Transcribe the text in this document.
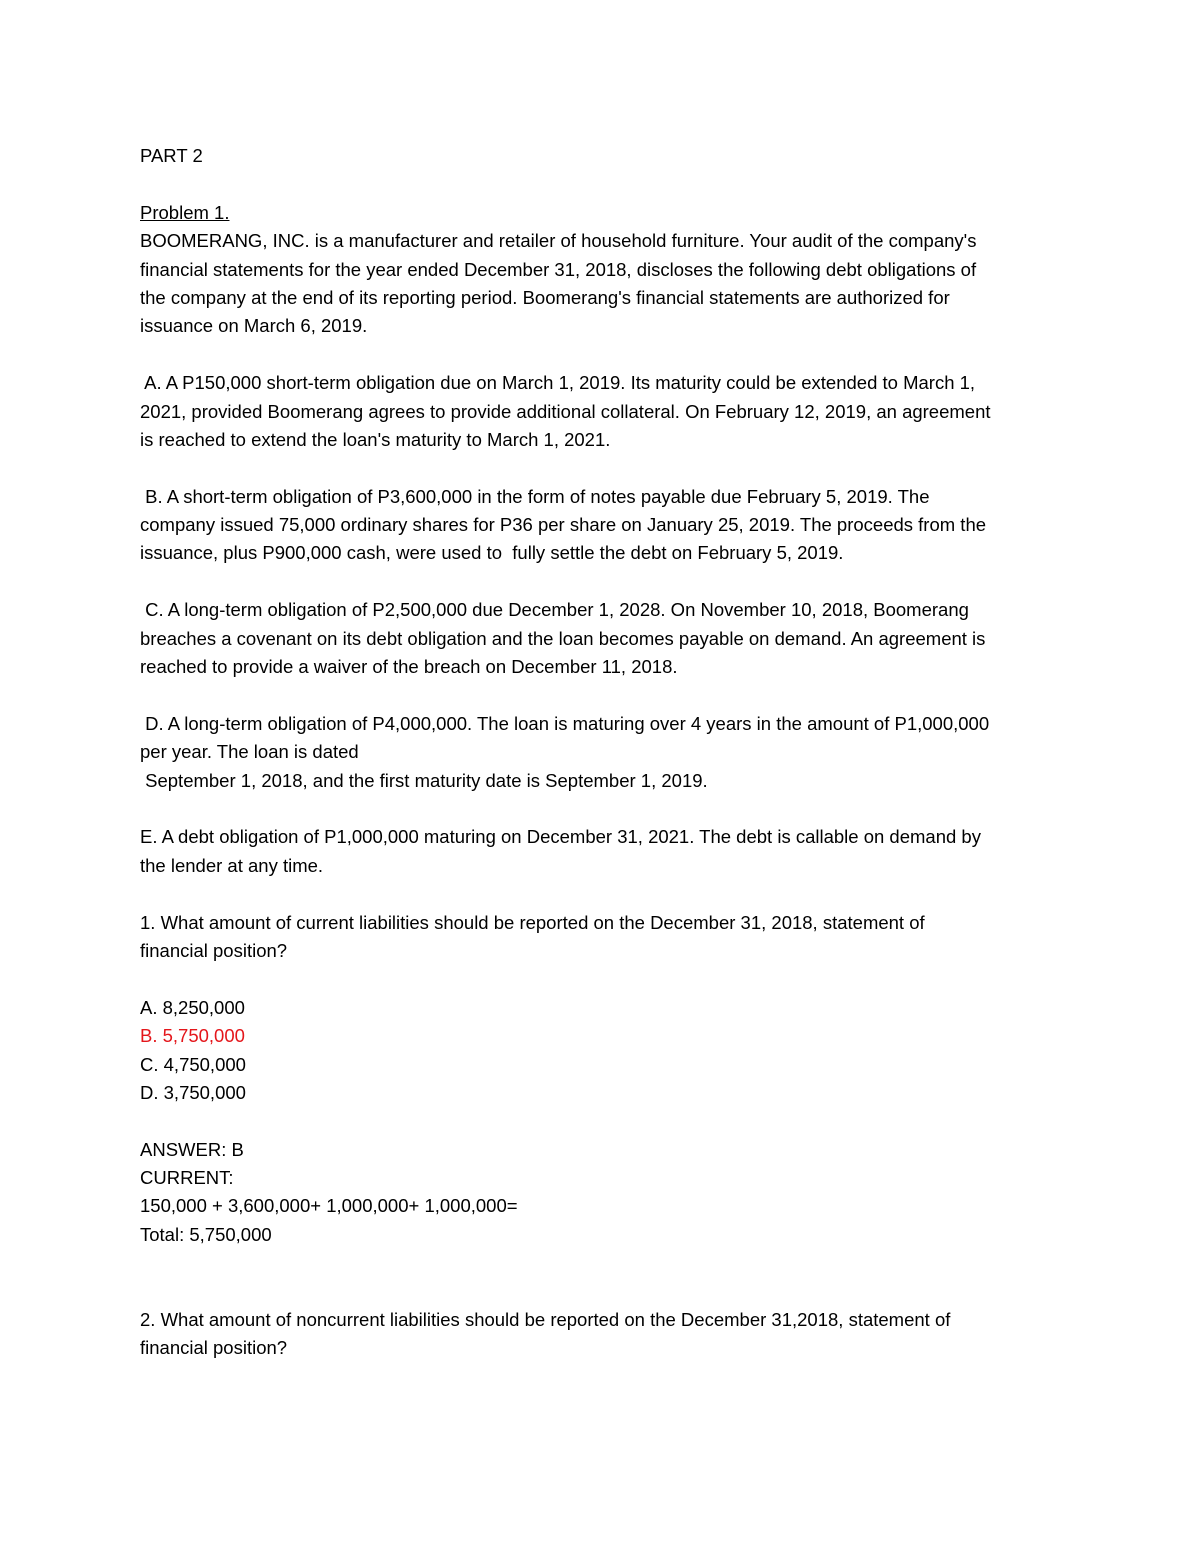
PART 2
Problem 1.
BOOMERANG, INC. is a manufacturer and retailer of household furniture. Your audit of the company's
financial statements for the year ended December 31, 2018, discloses the following debt obligations of
the company at the end of its reporting period. Boomerang's financial statements are authorized for
issuance on March 6, 2019.
A. A P150,000 short-term obligation due on March 1, 2019. Its maturity could be extended to March 1,
2021, provided Boomerang agrees to provide additional collateral. On February 12, 2019, an agreement
is reached to extend the loan's maturity to March 1, 2021.
B. A short-term obligation of P3,600,000 in the form of notes payable due February 5, 2019. The
company issued 75,000 ordinary shares for P36 per share on January 25, 2019. The proceeds from the
issuance, plus P900,000 cash, were used to  fully settle the debt on February 5, 2019.
C. A long-term obligation of P2,500,000 due December 1, 2028. On November 10, 2018, Boomerang
breaches a covenant on its debt obligation and the loan becomes payable on demand. An agreement is
reached to provide a waiver of the breach on December 11, 2018.
D. A long-term obligation of P4,000,000. The loan is maturing over 4 years in the amount of P1,000,000
per year. The loan is dated
September 1, 2018, and the first maturity date is September 1, 2019.
E. A debt obligation of P1,000,000 maturing on December 31, 2021. The debt is callable on demand by
the lender at any time.
1. What amount of current liabilities should be reported on the December 31, 2018, statement of
financial position?
A. 8,250,000
B. 5,750,000
C. 4,750,000
D. 3,750,000
ANSWER: B
CURRENT:
150,000 + 3,600,000+ 1,000,000+ 1,000,000=
Total: 5,750,000
2. What amount of noncurrent liabilities should be reported on the December 31,2018, statement of
financial position?
